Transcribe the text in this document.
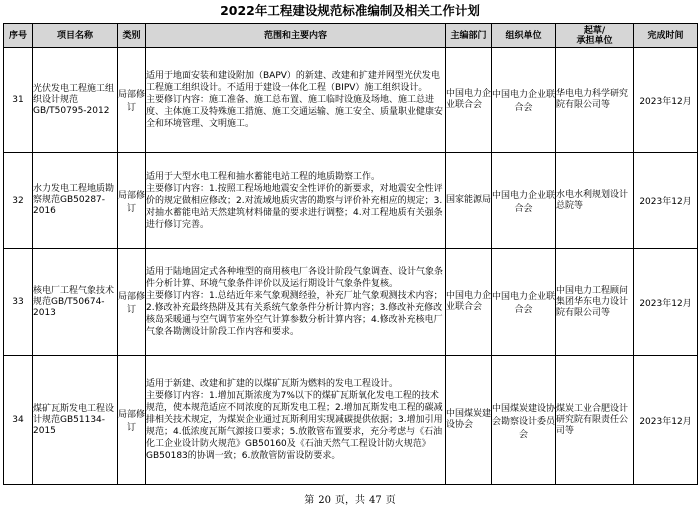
2022年工程建设规范标准编制及相关工作计划
序号	项目名称	类别	范围和主要内容	主编部门	组织单位	起草/
承担单位	完成时间
31	光伏发电工程施工组织设计规范GB/T50795-2012	局部修订	适用于地面安装和建设附加（BAPV）的新建、改建和扩建并网型光伏发电工程施工组织设计。不适用于建设一体化工程（BIPV）施工组织设计。
主要修订内容：施工准备、施工总布置、施工临时设施及场地、施工总进度、主体施工及特殊施工措施、施工交通运输、施工安全、质量职业健康安全和环境管理、文明施工。	中国电力企业联合会	中国电力企业联合会	华电电力科学研究院有限公司等	2023年12月
32	水力发电工程地质勘察规范GB50287-2016	局部修订	适用于大型水电工程和抽水蓄能电站工程的地质勘察工作。
主要修订内容：1.按照工程场地地震安全性评价的新要求，对地震安全性评价的规定做相应修改；2.对流域地质灾害的勘察与评价补充相应的规定；3.对抽水蓄能电站天然建筑材料储量的要求进行调整；4.对工程地质有关强条进行修订完善。	国家能源局	中国电力企业联合会	水电水利规划设计总院等	2023年12月
33	核电厂工程气象技术规范GB/T50674-2013	局部修订	适用于陆地固定式各种堆型的商用核电厂各设计阶段气象调查、设计气象条件分析计算、环境气象条件评价以及运行期设计气象条件复核。
主要修订内容：1.总结近年来气象观测经验，补充厂址气象观测技术内容；2.修改补充最终热阱及其有关系统气象条件分析计算内容；3.修改补充修改核岛采暖通与空气调节室外空气计算参数分析计算内容；4.修改补充核电厂气象各勘测设计阶段工作内容和要求。	中国电力企业联合会	中国电力企业联合会	中国电力工程顾问集团华东电力设计院有限公司等	2023年12月
34	煤矿瓦斯发电工程设计规范GB51134-2015	局部修订	适用于新建、改建和扩建的以煤矿瓦斯为燃料的发电工程设计。
主要修订内容：1.增加瓦斯浓度为7%以下的煤矿瓦斯氧化发电工程的技术规范，使本规范适应不同浓度的瓦斯发电工程；2.增加瓦斯发电工程的碳减排相关技术规定，为煤炭企业通过瓦斯利用实现减碳提供依据；3.增加引用规范；4.低浓度瓦斯气源接口要求；5.放散管布置要求，充分考虑与《石油化工企业设计防火规范》GB50160及《石油天然气工程设计防火规范》GB50183的协调一致；6.放散管防雷设防要求。	中国煤炭建设协会	中国煤炭建设协会勘察设计委员会	煤炭工业合肥设计研究院有限责任公司等	2023年12月
第 20 页，共 47 页
